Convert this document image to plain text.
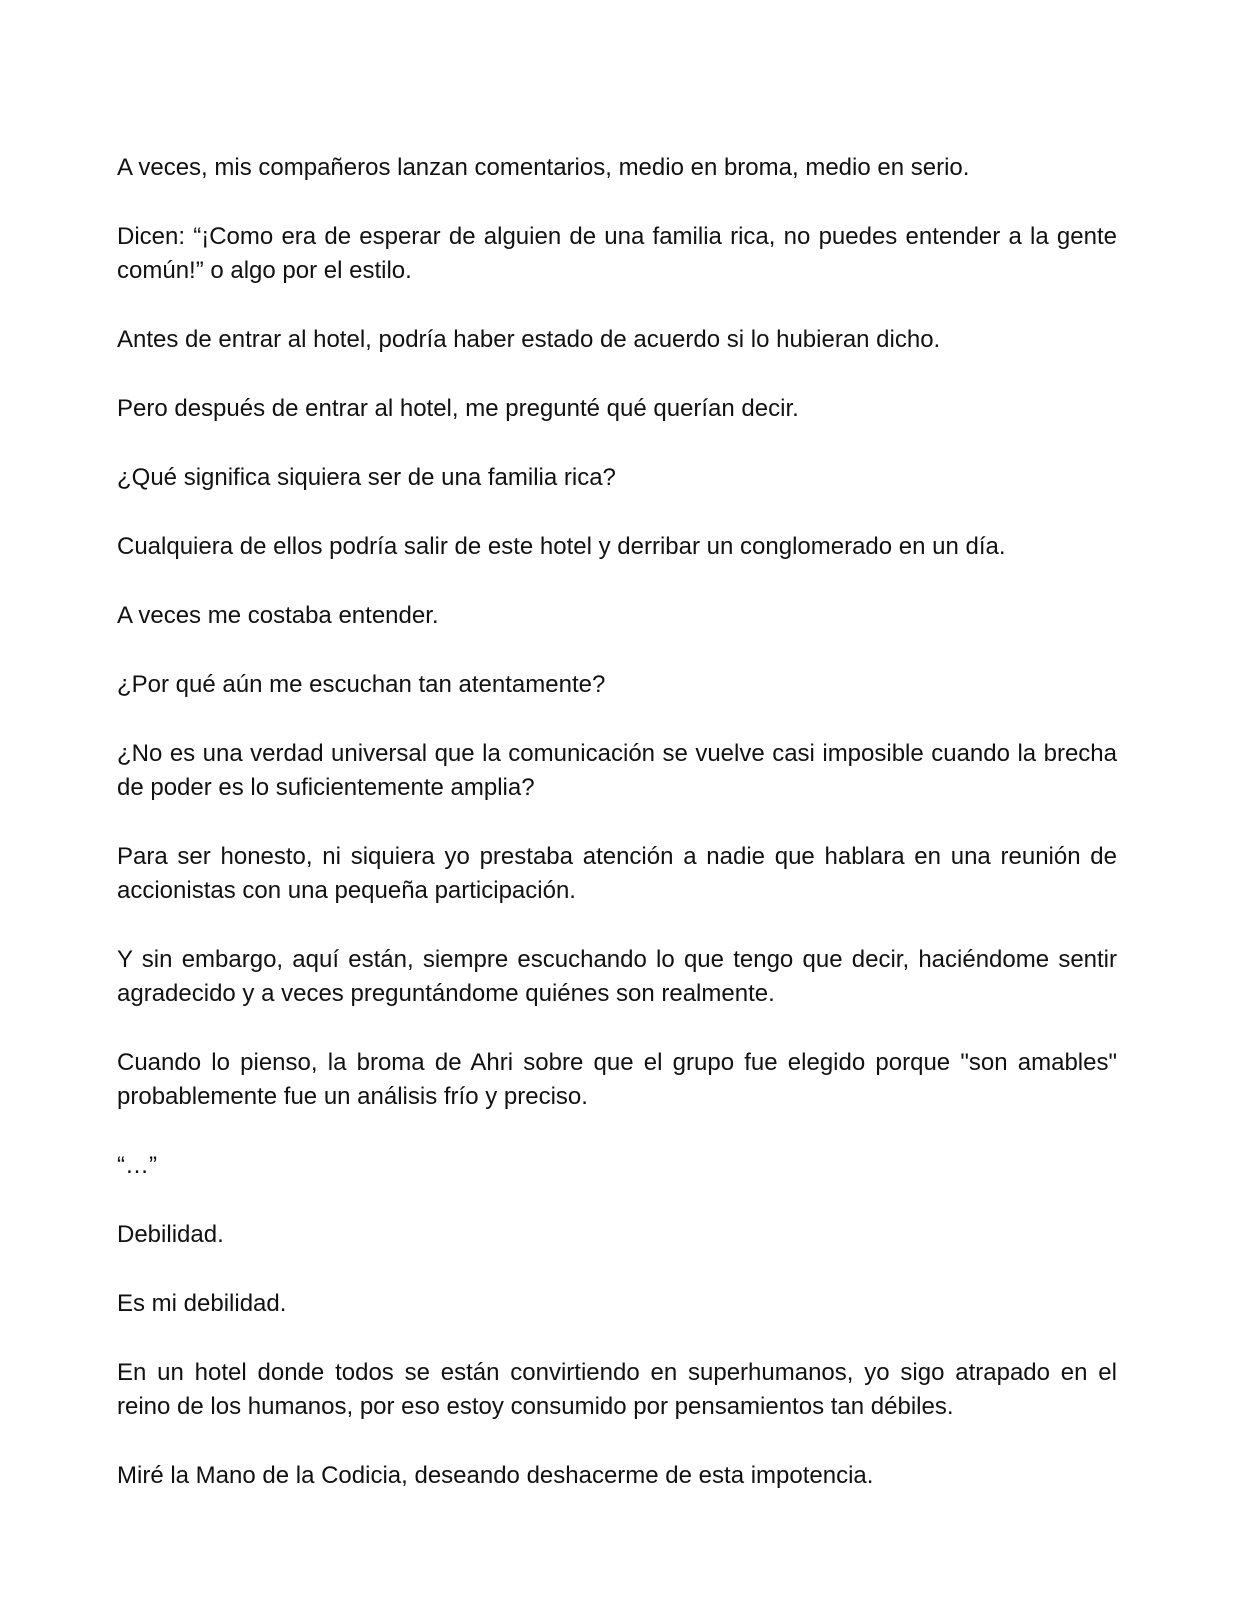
A veces, mis compañeros lanzan comentarios, medio en broma, medio en serio.

Dicen: “¡Como era de esperar de alguien de una familia rica, no puedes entender a la gente común!” o algo por el estilo.

Antes de entrar al hotel, podría haber estado de acuerdo si lo hubieran dicho.

Pero después de entrar al hotel, me pregunté qué querían decir.

¿Qué significa siquiera ser de una familia rica?

Cualquiera de ellos podría salir de este hotel y derribar un conglomerado en un día.

A veces me costaba entender.

¿Por qué aún me escuchan tan atentamente?

¿No es una verdad universal que la comunicación se vuelve casi imposible cuando la brecha de poder es lo suficientemente amplia?

Para ser honesto, ni siquiera yo prestaba atención a nadie que hablara en una reunión de accionistas con una pequeña participación.

Y sin embargo, aquí están, siempre escuchando lo que tengo que decir, haciéndome sentir agradecido y a veces preguntándome quiénes son realmente.

Cuando lo pienso, la broma de Ahri sobre que el grupo fue elegido porque "son amables" probablemente fue un análisis frío y preciso.

“…”

Debilidad.

Es mi debilidad.

En un hotel donde todos se están convirtiendo en superhumanos, yo sigo atrapado en el reino de los humanos, por eso estoy consumido por pensamientos tan débiles.

Miré la Mano de la Codicia, deseando deshacerme de esta impotencia.
